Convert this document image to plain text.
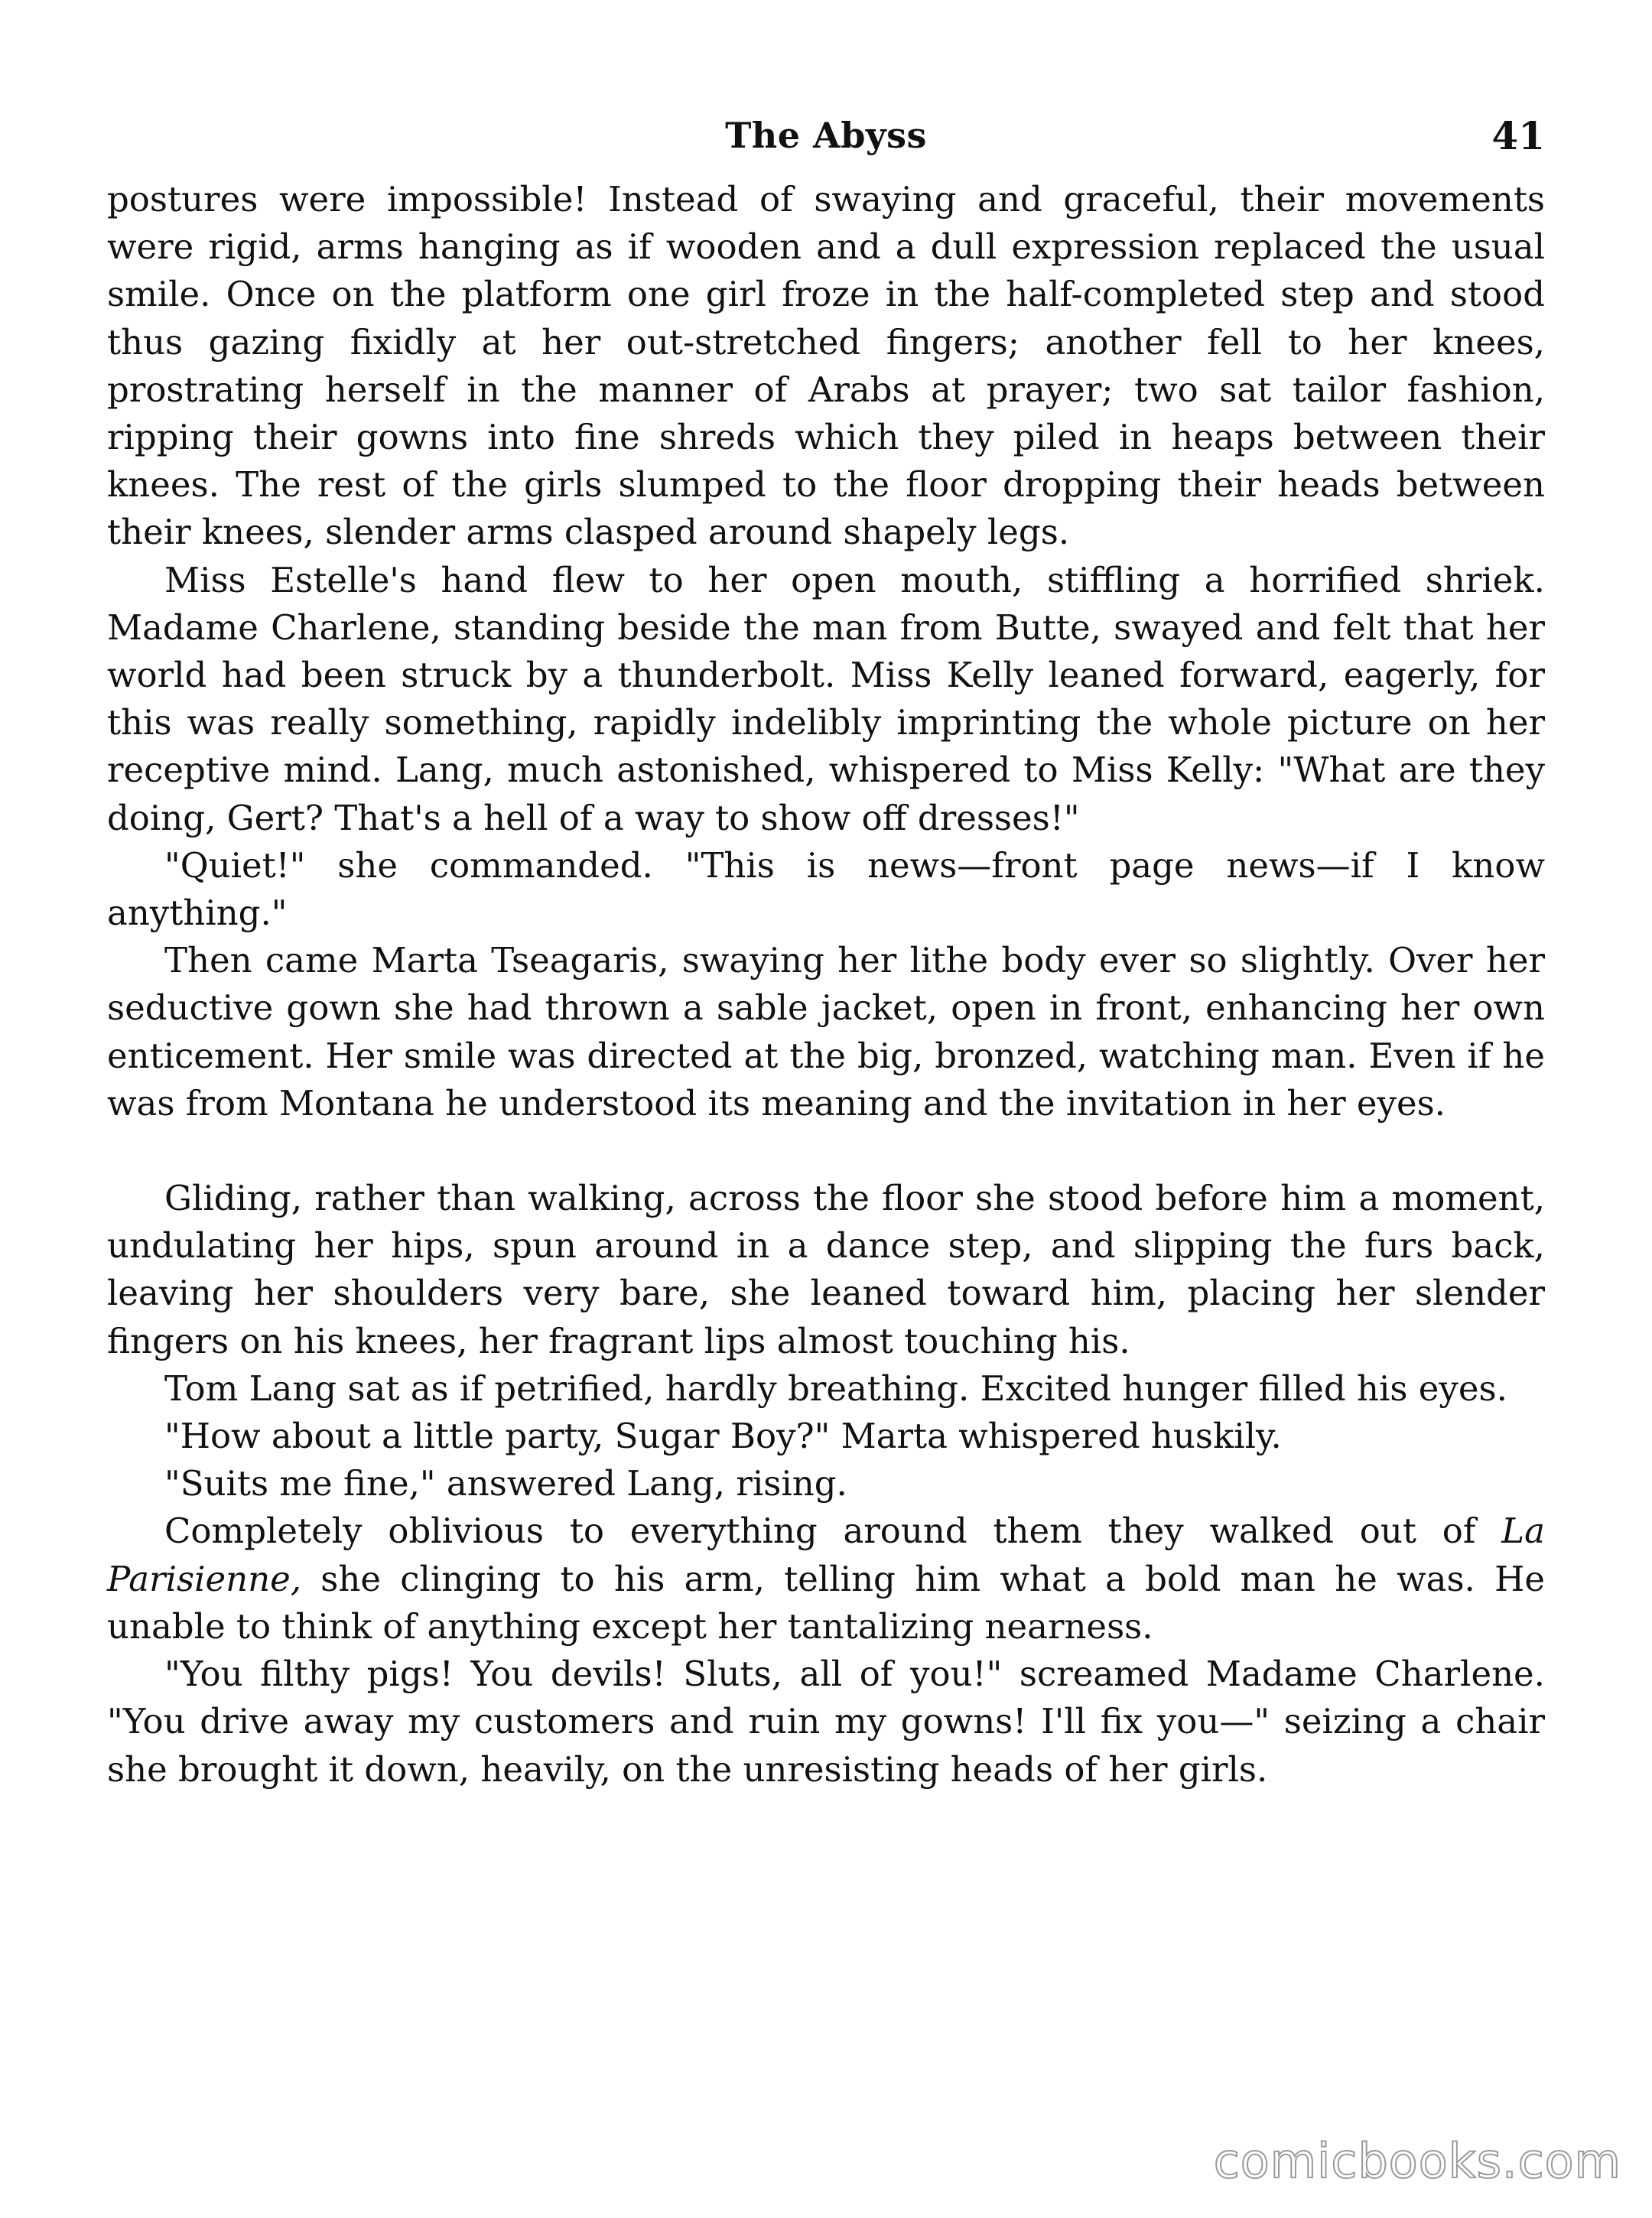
The Abyss	41

postures were impossible! Instead of swaying and graceful, their movements were rigid, arms hanging as if wooden and a dull expression replaced the usual smile. Once on the platform one girl froze in the half-completed step and stood thus gazing fixidly at her out-stretched fingers; another fell to her knees, prostrating herself in the manner of Arabs at prayer; two sat tailor fashion, ripping their gowns into fine shreds which they piled in heaps between their knees. The rest of the girls slumped to the floor dropping their heads between their knees, slender arms clasped around shapely legs.

Miss Estelle's hand flew to her open mouth, stiffling a horrified shriek. Madame Charlene, standing beside the man from Butte, swayed and felt that her world had been struck by a thunderbolt. Miss Kelly leaned forward, eagerly, for this was really something, rapidly indelibly imprinting the whole picture on her receptive mind. Lang, much astonished, whispered to Miss Kelly: "What are they doing, Gert? That's a hell of a way to show off dresses!"

"Quiet!" she commanded. "This is news—front page news—if I know anything."

Then came Marta Tseagaris, swaying her lithe body ever so slightly. Over her seductive gown she had thrown a sable jacket, open in front, enhancing her own enticement. Her smile was directed at the big, bronzed, watching man. Even if he was from Montana he understood its meaning and the invitation in her eyes.

Gliding, rather than walking, across the floor she stood before him a moment, undulating her hips, spun around in a dance step, and slipping the furs back, leaving her shoulders very bare, she leaned toward him, placing her slender fingers on his knees, her fragrant lips almost touching his.

Tom Lang sat as if petrified, hardly breathing. Excited hunger filled his eyes.

"How about a little party, Sugar Boy?" Marta whispered huskily.

"Suits me fine," answered Lang, rising.

Completely oblivious to everything around them they walked out of La Parisienne, she clinging to his arm, telling him what a bold man he was. He unable to think of anything except her tantalizing nearness.

"You filthy pigs! You devils! Sluts, all of you!" screamed Madame Charlene. "You drive away my customers and ruin my gowns! I'll fix you—" seizing a chair she brought it down, heavily, on the unresisting heads of her girls.

comicbooks.com
